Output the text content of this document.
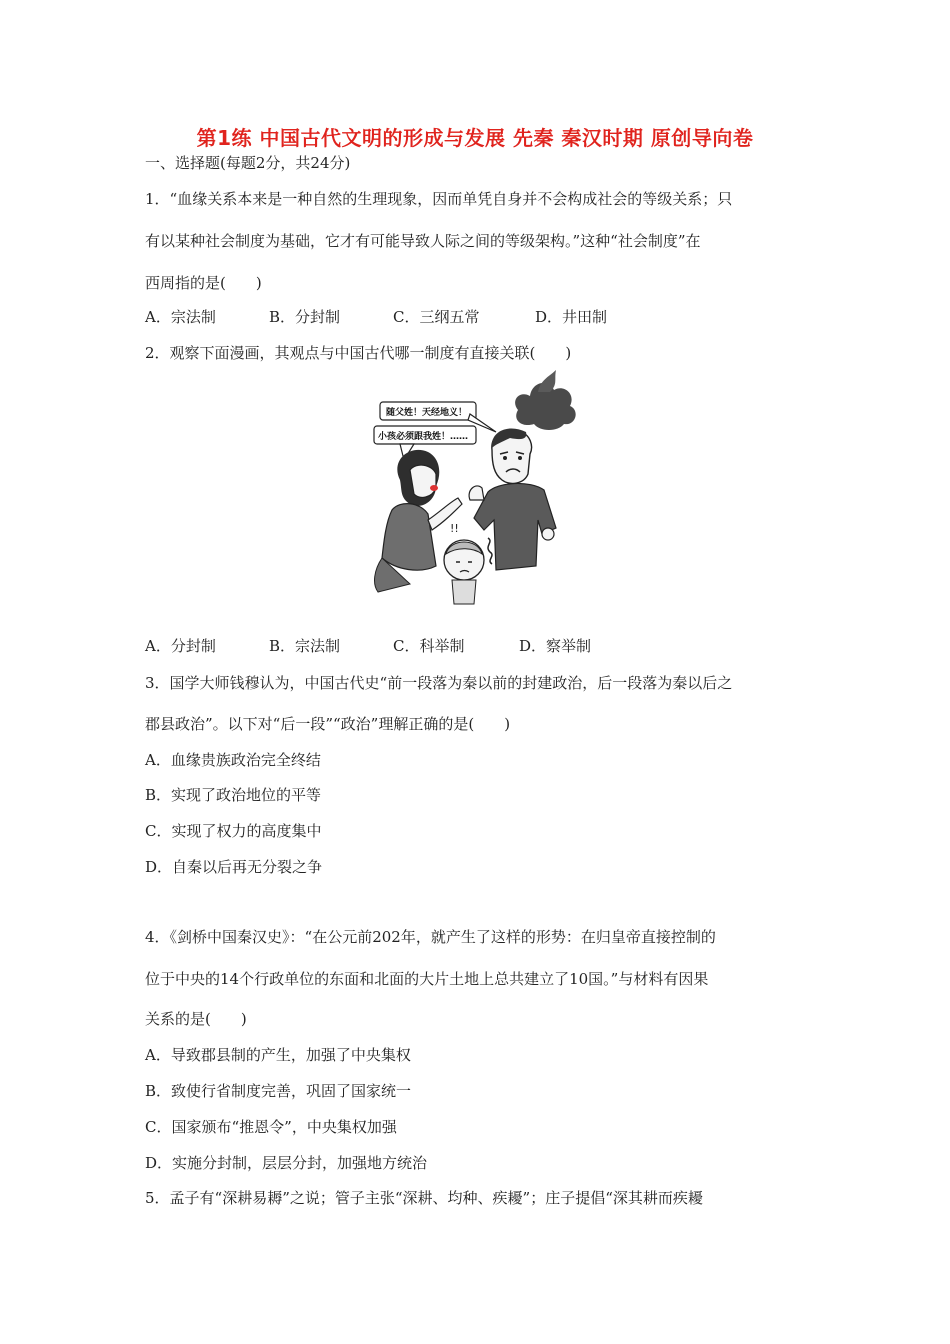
第1练 中国古代文明的形成与发展 先秦 秦汉时期 原创导向卷
一、选择题(每题2分，共24分)
1．“血缘关系本来是一种自然的生理现象，因而单凭自身并不会构成社会的等级关系；只
有以某种社会制度为基础，它才有可能导致人际之间的等级架构。”这种“社会制度”在
西周指的是(　　)
A．宗法制	B．分封制	C．三纲五常	D．井田制
2．观察下面漫画，其观点与中国古代哪一制度有直接关联(　　)
随父姓！天经地义！
小孩必须跟我姓！……
!!
A．分封制	B．宗法制	C．科举制	D．察举制
3．国学大师钱穆认为，中国古代史“前一段落为秦以前的封建政治，后一段落为秦以后之
郡县政治”。以下对“后一段”“政治”理解正确的是(　　)
A．血缘贵族政治完全终结
B．实现了政治地位的平等
C．实现了权力的高度集中
D．自秦以后再无分裂之争
4．《剑桥中国秦汉史》：“在公元前202年，就产生了这样的形势：在归皇帝直接控制的
位于中央的14个行政单位的东面和北面的大片土地上总共建立了10国。”与材料有因果
关系的是(　　)
A．导致郡县制的产生，加强了中央集权
B．致使行省制度完善，巩固了国家统一
C．国家颁布“推恩令”，中央集权加强
D．实施分封制，层层分封，加强地方统治
5．孟子有“深耕易耨”之说；管子主张“深耕、均种、疾耰”；庄子提倡“深其耕而疾耰
